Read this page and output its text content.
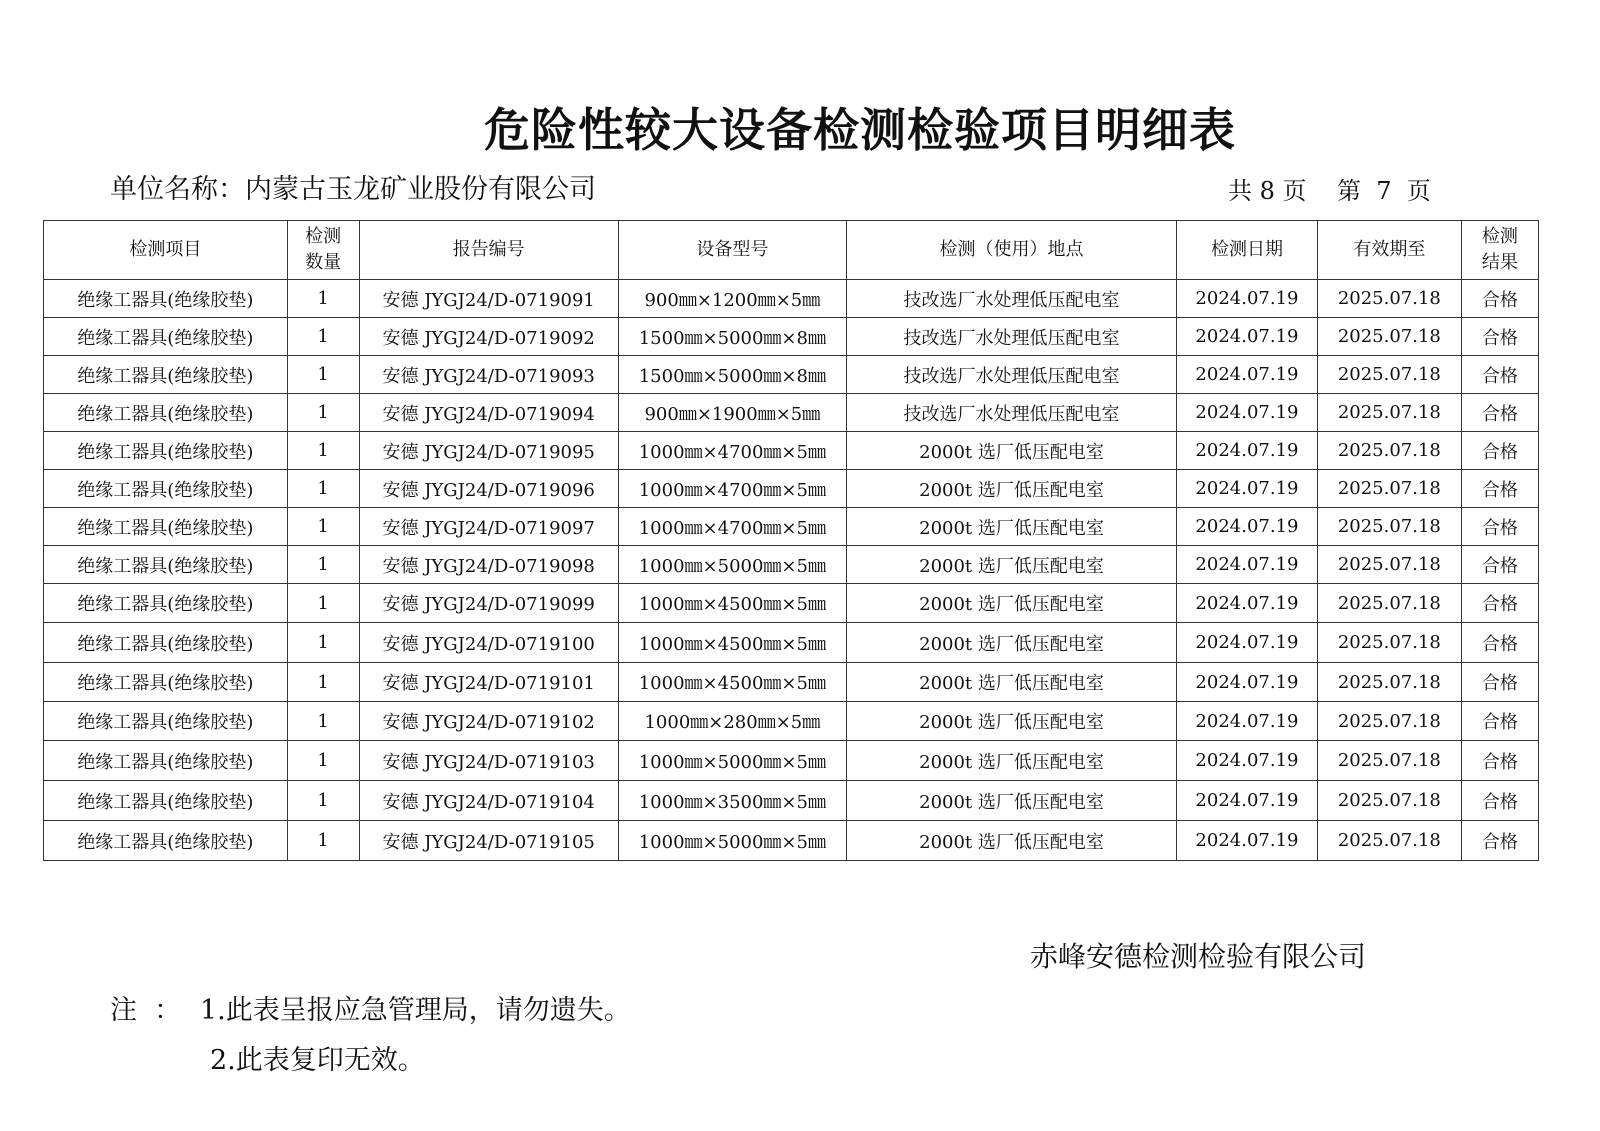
危险性较大设备检测检验项目明细表
单位名称：内蒙古玉龙矿业股份有限公司	共 8 页    第  7  页
检测项目	检测数量	报告编号	设备型号	检测（使用）地点	检测日期	有效期至	检测结果
绝缘工器具(绝缘胶垫)	1	安德 JYGJ24/D-0719091	900㎜×1200㎜×5㎜	技改选厂水处理低压配电室	2024.07.19	2025.07.18	合格
绝缘工器具(绝缘胶垫)	1	安德 JYGJ24/D-0719092	1500㎜×5000㎜×8㎜	技改选厂水处理低压配电室	2024.07.19	2025.07.18	合格
绝缘工器具(绝缘胶垫)	1	安德 JYGJ24/D-0719093	1500㎜×5000㎜×8㎜	技改选厂水处理低压配电室	2024.07.19	2025.07.18	合格
绝缘工器具(绝缘胶垫)	1	安德 JYGJ24/D-0719094	900㎜×1900㎜×5㎜	技改选厂水处理低压配电室	2024.07.19	2025.07.18	合格
绝缘工器具(绝缘胶垫)	1	安德 JYGJ24/D-0719095	1000㎜×4700㎜×5㎜	2000t 选厂低压配电室	2024.07.19	2025.07.18	合格
绝缘工器具(绝缘胶垫)	1	安德 JYGJ24/D-0719096	1000㎜×4700㎜×5㎜	2000t 选厂低压配电室	2024.07.19	2025.07.18	合格
绝缘工器具(绝缘胶垫)	1	安德 JYGJ24/D-0719097	1000㎜×4700㎜×5㎜	2000t 选厂低压配电室	2024.07.19	2025.07.18	合格
绝缘工器具(绝缘胶垫)	1	安德 JYGJ24/D-0719098	1000㎜×5000㎜×5㎜	2000t 选厂低压配电室	2024.07.19	2025.07.18	合格
绝缘工器具(绝缘胶垫)	1	安德 JYGJ24/D-0719099	1000㎜×4500㎜×5㎜	2000t 选厂低压配电室	2024.07.19	2025.07.18	合格
绝缘工器具(绝缘胶垫)	1	安德 JYGJ24/D-0719100	1000㎜×4500㎜×5㎜	2000t 选厂低压配电室	2024.07.19	2025.07.18	合格
绝缘工器具(绝缘胶垫)	1	安德 JYGJ24/D-0719101	1000㎜×4500㎜×5㎜	2000t 选厂低压配电室	2024.07.19	2025.07.18	合格
绝缘工器具(绝缘胶垫)	1	安德 JYGJ24/D-0719102	1000㎜×280㎜×5㎜	2000t 选厂低压配电室	2024.07.19	2025.07.18	合格
绝缘工器具(绝缘胶垫)	1	安德 JYGJ24/D-0719103	1000㎜×5000㎜×5㎜	2000t 选厂低压配电室	2024.07.19	2025.07.18	合格
绝缘工器具(绝缘胶垫)	1	安德 JYGJ24/D-0719104	1000㎜×3500㎜×5㎜	2000t 选厂低压配电室	2024.07.19	2025.07.18	合格
绝缘工器具(绝缘胶垫)	1	安德 JYGJ24/D-0719105	1000㎜×5000㎜×5㎜	2000t 选厂低压配电室	2024.07.19	2025.07.18	合格
赤峰安德检测检验有限公司
注  ： 1.此表呈报应急管理局，请勿遗失。
2.此表复印无效。
